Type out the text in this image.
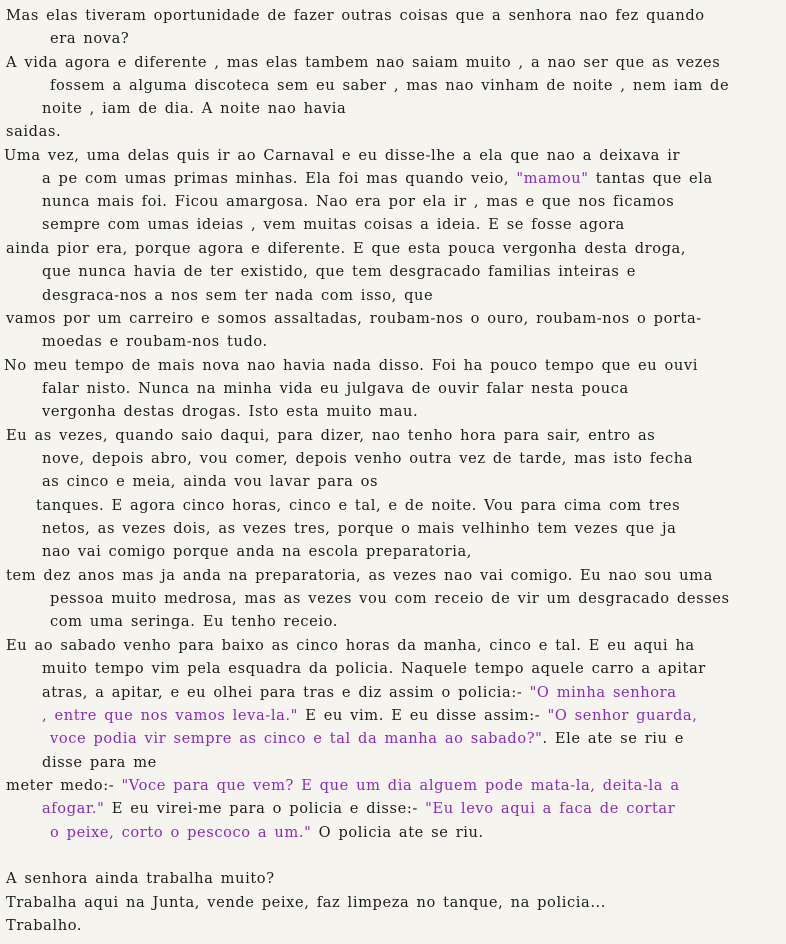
Mas elas tiveram oportunidade de fazer outras coisas que a senhora nao fez quando
era nova?
A vida agora e diferente , mas elas tambem nao saiam muito , a nao ser que as vezes
fossem a alguma discoteca sem eu saber , mas nao vinham de noite , nem iam de
noite , iam de dia. A noite nao havia
saidas.
Uma vez, uma delas quis ir ao Carnaval e eu disse-lhe a ela que nao a deixava ir
a pe com umas primas minhas. Ela foi mas quando veio, "mamou" tantas que ela
nunca mais foi. Ficou amargosa. Nao era por ela ir , mas e que nos ficamos
sempre com umas ideias , vem muitas coisas a ideia. E se fosse agora
ainda pior era, porque agora e diferente. E que esta pouca vergonha desta droga,
que nunca havia de ter existido, que tem desgracado familias inteiras e
desgraca-nos a nos sem ter nada com isso, que
vamos por um carreiro e somos assaltadas, roubam-nos o ouro, roubam-nos o porta-
moedas e roubam-nos tudo.
No meu tempo de mais nova nao havia nada disso. Foi ha pouco tempo que eu ouvi
falar nisto. Nunca na minha vida eu julgava de ouvir falar nesta pouca
vergonha destas drogas. Isto esta muito mau.
Eu as vezes, quando saio daqui, para dizer, nao tenho hora para sair, entro as
nove, depois abro, vou comer, depois venho outra vez de tarde, mas isto fecha
as cinco e meia, ainda vou lavar para os
tanques. E agora cinco horas, cinco e tal, e de noite. Vou para cima com tres
netos, as vezes dois, as vezes tres, porque o mais velhinho tem vezes que ja
nao vai comigo porque anda na escola preparatoria,
tem dez anos mas ja anda na preparatoria, as vezes nao vai comigo. Eu nao sou uma
pessoa muito medrosa, mas as vezes vou com receio de vir um desgracado desses
com uma seringa. Eu tenho receio.
Eu ao sabado venho para baixo as cinco horas da manha, cinco e tal. E eu aqui ha
muito tempo vim pela esquadra da policia. Naquele tempo aquele carro a apitar
atras, a apitar, e eu olhei para tras e diz assim o policia:- "O minha senhora
, entre que nos vamos leva-la." E eu vim. E eu disse assim:- "O senhor guarda,
voce podia vir sempre as cinco e tal da manha ao sabado?". Ele ate se riu e
disse para me
meter medo:- "Voce para que vem? E que um dia alguem pode mata-la, deita-la a
afogar." E eu virei-me para o policia e disse:- "Eu levo aqui a faca de cortar
o peixe, corto o pescoco a um." O policia ate se riu.
A senhora ainda trabalha muito?
Trabalha aqui na Junta, vende peixe, faz limpeza no tanque, na policia...
Trabalho.
